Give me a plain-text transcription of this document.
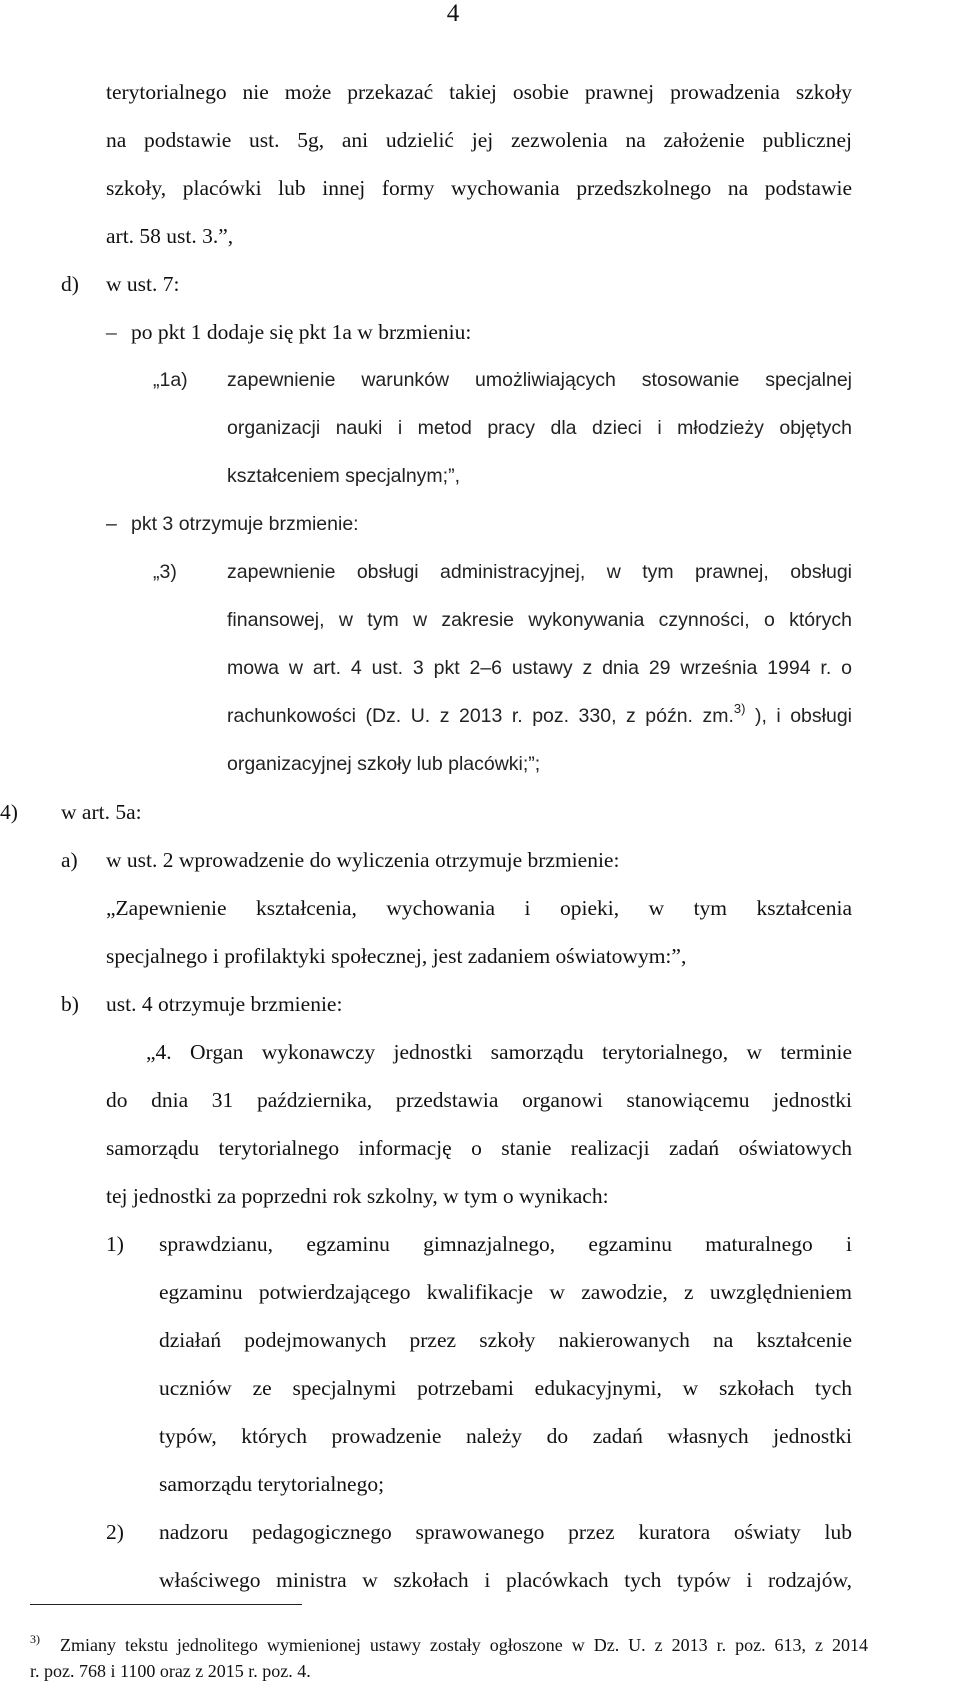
4
terytorialnego nie może przekazać takiej osobie prawnej prowadzenia szkoły
na podstawie ust. 5g, ani udzielić jej zezwolenia na założenie publicznej
szkoły, placówki lub innej formy wychowania przedszkolnego na podstawie
art. 58 ust. 3.”,
d) w ust. 7:
– po pkt 1 dodaje się pkt 1a w brzmieniu:
„1a) zapewnienie warunków umożliwiających stosowanie specjalnej
organizacji nauki i metod pracy dla dzieci i młodzieży objętych
kształceniem specjalnym;”,
– pkt 3 otrzymuje brzmienie:
„3)	zapewnienie obsługi administracyjnej, w tym prawnej, obsługi
finansowej, w tym w zakresie wykonywania czynności, o których
mowa w art. 4 ust. 3 pkt 2–6 ustawy z dnia 29 września 1994 r. o
rachunkowości (Dz. U. z 2013 r. poz. 330, z późn. zm.$^{3)}$ ), i obsługi
organizacyjnej szkoły lub placówki;”;
4) w art. 5a:
a) w ust. 2 wprowadzenie do wyliczenia otrzymuje brzmienie:
„Zapewnienie kształcenia, wychowania i opieki, w tym kształcenia
specjalnego i profilaktyki społecznej, jest zadaniem oświatowym:”,
b) ust. 4 otrzymuje brzmienie:
„4. Organ wykonawczy jednostki samorządu terytorialnego, w terminie
do dnia 31 października, przedstawia organowi stanowiącemu jednostki
samorządu terytorialnego informację o stanie realizacji zadań oświatowych
tej jednostki za poprzedni rok szkolny, w tym o wynikach:
1) sprawdzianu, egzaminu gimnazjalnego, egzaminu maturalnego i
egzaminu potwierdzającego kwalifikacje w zawodzie, z uwzględnieniem
działań podejmowanych przez szkoły nakierowanych na kształcenie
uczniów ze specjalnymi potrzebami edukacyjnymi, w szkołach tych
typów, których prowadzenie należy do zadań własnych jednostki
samorządu terytorialnego;
2) nadzoru pedagogicznego sprawowanego przez kuratora oświaty lub
właściwego ministra w szkołach i placówkach tych typów i rodzajów,
3) Zmiany tekstu jednolitego wymienionej ustawy zostały ogłoszone w Dz. U. z 2013 r. poz. 613, z 2014
r. poz. 768 i 1100 oraz z 2015 r. poz. 4.
